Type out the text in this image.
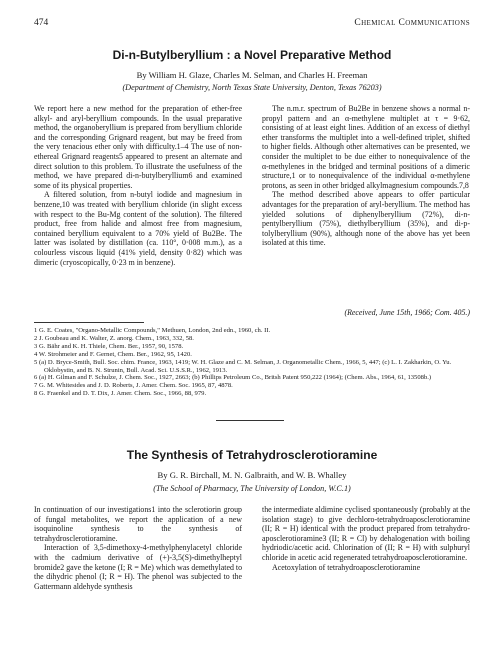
474	Chemical Communications
Di-n-Butylberyllium : a Novel Preparative Method
By William H. Glaze, Charles M. Selman, and Charles H. Freeman
(Department of Chemistry, North Texas State University, Denton, Texas 76203)

We report here a new method for the preparation of ether-free alkyl- and aryl-beryllium compounds. In the usual preparative method, the organoberyllium is prepared from beryllium chloride and the corresponding Grignard reagent, but may be freed from the very tenacious ether only with difficulty.1–4 The use of non-ethereal Grignard reagents5 appeared to present an alternate and direct solution to this problem. To illustrate the usefulness of the method, we have prepared di-n-butylberyllium6 and examined some of its physical properties.

A filtered solution, from n-butyl iodide and magnesium in benzene,10 was treated with beryllium chloride (in slight excess with respect to the Bu-Mg content of the solution). The filtered product, free from halide and almost free from magnesium, contained beryllium equivalent to a 70% yield of Bu2Be. The latter was isolated by distillation (ca. 110°, 0·008 m.m.), as a colourless viscous liquid (41% yield, density 0·82) which was dimeric (cryoscopically, 0·23 m in benzene).

The n.m.r. spectrum of Bu2Be in benzene shows a normal n-propyl pattern and an α-methylene multiplet at τ = 9·62, consisting of at least eight lines. Addition of an excess of diethyl ether transforms the multiplet into a well-defined triplet, shifted to higher fields. Although other alternatives can be presented, we consider the multiplet to be due either to nonequivalence of the α-methylenes in the bridged and terminal positions of a dimeric structure,1 or to nonequivalence of the individual α-methylene protons, as seen in other bridged alkylmagnesium compounds.7,8

The method described above appears to offer particular advantages for the preparation of aryl-beryllium. The method has yielded solutions of diphenylberyllium (72%), di-n-pentylberyllium (75%), diethylberyllium (35%), and di-p-tolylberyllium (90%), although none of the above has yet been isolated at this time.

(Received, June 15th, 1966; Com. 405.)
1 G. E. Coates, "Organo-Metallic Compounds," Methuen, London, 2nd edn., 1960, ch. II.
2 J. Goubeau and K. Walter, Z. anorg. Chem., 1963, 332, 58.
3 G. Bähr and K. H. Thiele, Chem. Ber., 1957, 90, 1578.
4 W. Strohmeier and F. Gernet, Chem. Ber., 1962, 95, 1420.
5 (a) D. Bryce-Smith, Bull. Soc. chim. France, 1963, 1419; W. H. Glaze and C. M. Selman, J. Organometallic Chem., 1966, 5, 447; (c) L. I. Zakharkin, O. Yu. Oklobystin, and B. N. Strunin, Bull. Acad. Sci. U.S.S.R., 1962, 1913.
6 (a) H. Gilman and F. Schulze, J. Chem. Soc., 1927, 2663; (b) Phillips Petroleum Co., Britsh Patent 950,222 (1964); (Chem. Abs., 1964, 61, 13508b.)
7 G. M. Whitesides and J. D. Roberts, J. Amer. Chem. Soc. 1965, 87, 4878.
8 G. Fraenkel and D. T. Dix, J. Amer. Chem. Soc., 1966, 88, 979.
The Synthesis of Tetrahydrosclerotioramine
By G. R. Birchall, M. N. Galbraith, and W. B. Whalley
(The School of Pharmacy, The University of London, W.C.1)

In continuation of our investigations1 into the sclerotiorin group of fungal metabolites, we report the application of a new isoquinoline synthesis to the synthesis of tetrahydrosclerotioramine.

Interaction of 3,5-dimethoxy-4-methylphenylacetyl chloride with the cadmium derivative of (+)-3,5(S)-dimethylheptyl bromide2 gave the ketone (I; R = Me) which was demethylated to the dihydric phenol (I; R = H). The phenol was subjected to the Gattermann aldehyde synthesis

the intermediate aldimine cyclised spontaneously (probably at the isolation stage) to give dechloro-tetrahydroaposclerotioramine (II; R = H) identical with the product prepared from tetrahydro-aposclerotioramine3 (II; R = Cl) by dehalogenation with boiling hydriodic/acetic acid. Chlorination of (II; R = H) with sulphuryl chloride in acetic acid regenerated tetrahydroaposclerotioramine.

Acetoxylation of tetrahydroaposclerotioramine
